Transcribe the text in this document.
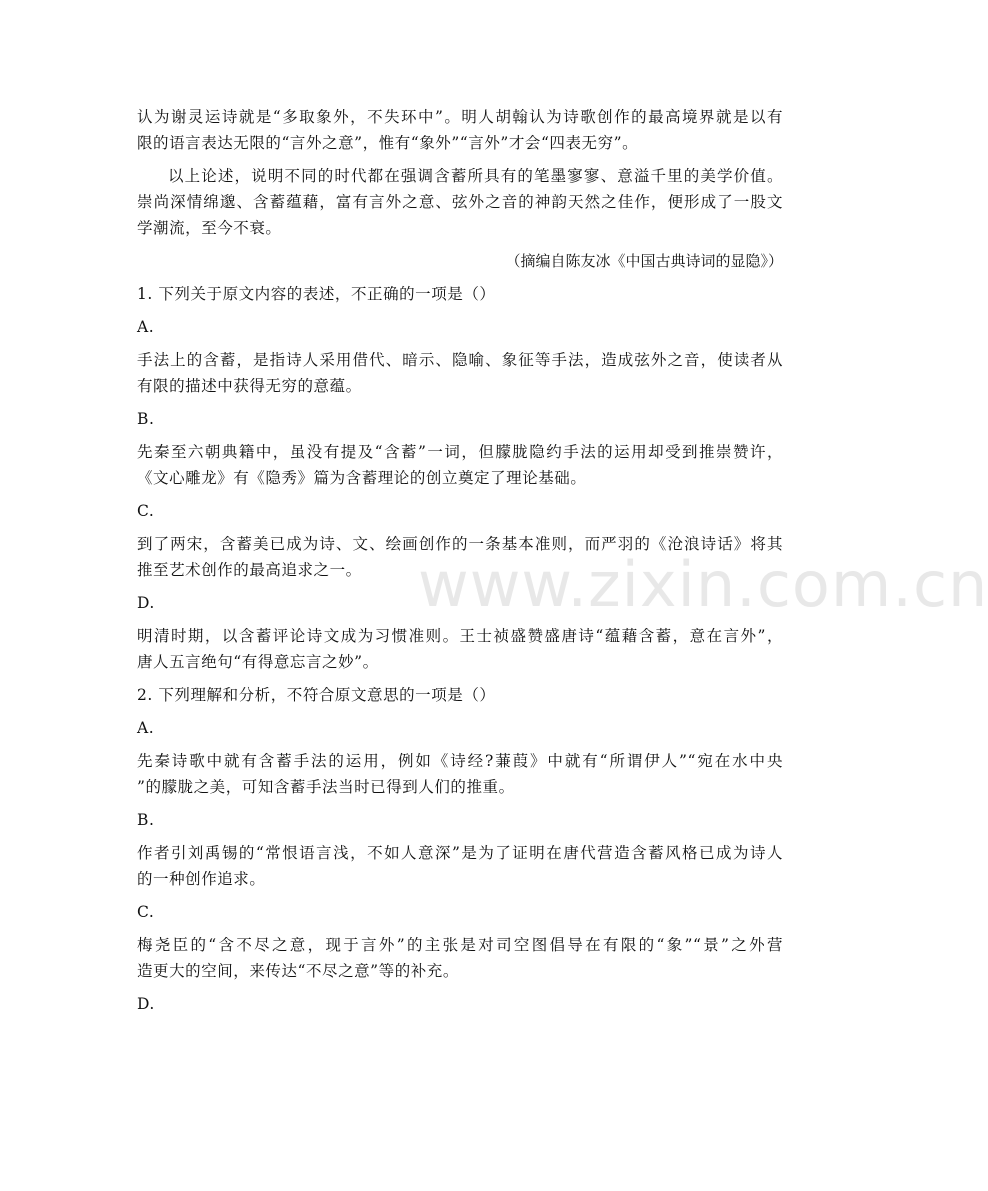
www.zixin.com.cn
认为谢灵运诗就是“多取象外，不失环中”。明人胡翰认为诗歌创作的最高境界就是以有
限的语言表达无限的“言外之意”，惟有“象外”“言外”才会“四表无穷”。
以上论述，说明不同的时代都在强调含蓄所具有的笔墨寥寥、意溢千里的美学价值。
崇尚深情绵邈、含蓄蕴藉，富有言外之意、弦外之音的神韵天然之佳作，便形成了一股文
学潮流，至今不衰。
（摘编自陈友冰《中国古典诗词的显隐》）
1. 下列关于原文内容的表述，不正确的一项是（）
A.
手法上的含蓄，是指诗人采用借代、暗示、隐喻、象征等手法，造成弦外之音，使读者从
有限的描述中获得无穷的意蕴。
B.
先秦至六朝典籍中，虽没有提及“含蓄”一词，但朦胧隐约手法的运用却受到推崇赞许，
《文心雕龙》有《隐秀》篇为含蓄理论的创立奠定了理论基础。
C.
到了两宋，含蓄美已成为诗、文、绘画创作的一条基本准则，而严羽的《沧浪诗话》将其
推至艺术创作的最高追求之一。
D.
明清时期，以含蓄评论诗文成为习惯准则。王士祯盛赞盛唐诗“蕴藉含蓄，意在言外”，
唐人五言绝句“有得意忘言之妙”。
2. 下列理解和分析，不符合原文意思的一项是（）
A.
先秦诗歌中就有含蓄手法的运用，例如《诗经?蒹葭》中就有“所谓伊人”“宛在水中央
”的朦胧之美，可知含蓄手法当时已得到人们的推重。
B.
作者引刘禹锡的“常恨语言浅，不如人意深”是为了证明在唐代营造含蓄风格已成为诗人
的一种创作追求。
C.
梅尧臣的“含不尽之意，现于言外”的主张是对司空图倡导在有限的“象”“景”之外营
造更大的空间，来传达“不尽之意”等的补充。
D.
